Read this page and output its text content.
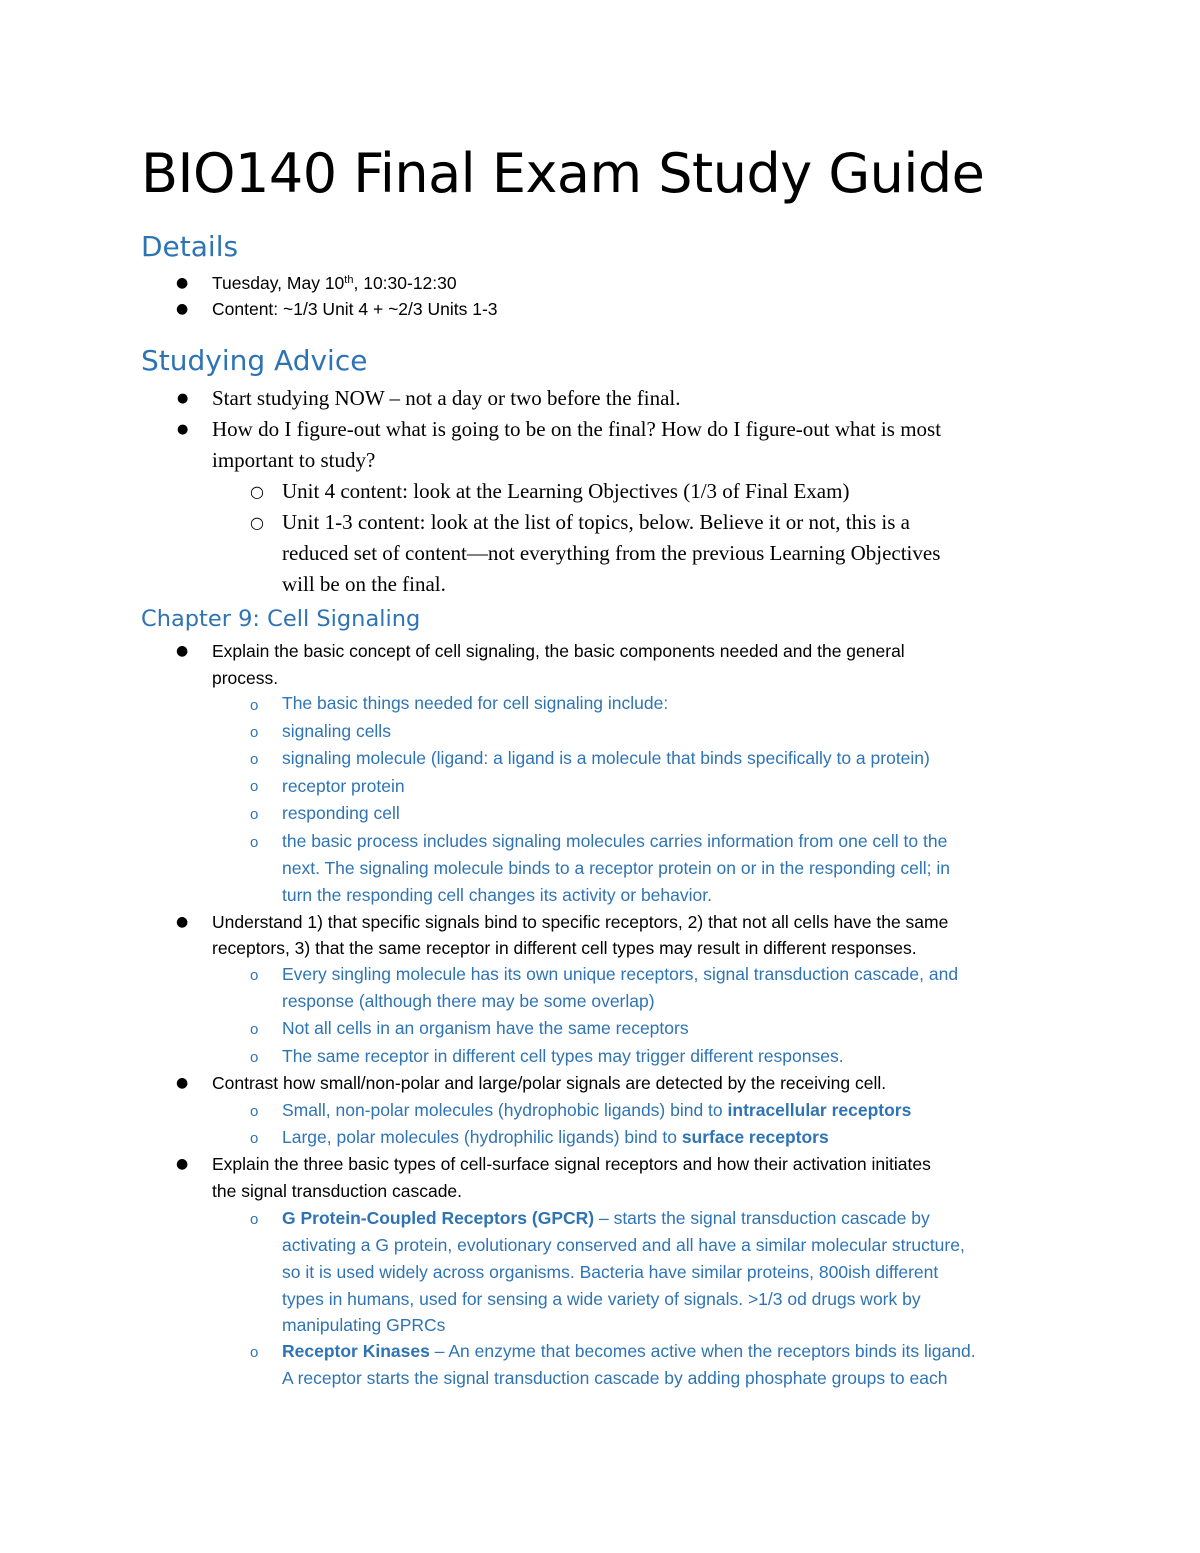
BIO140 Final Exam Study Guide
Details
● Tuesday, May 10th, 10:30-12:30
● Content: ~1/3 Unit 4 + ~2/3 Units 1-3
Studying Advice
● Start studying NOW – not a day or two before the final.
● How do I figure-out what is going to be on the final? How do I figure-out what is most
important to study?
○ Unit 4 content: look at the Learning Objectives (1/3 of Final Exam)
○ Unit 1-3 content: look at the list of topics, below. Believe it or not, this is a
reduced set of content—not everything from the previous Learning Objectives
will be on the final.
Chapter 9: Cell Signaling
● Explain the basic concept of cell signaling, the basic components needed and the general
process.
o The basic things needed for cell signaling include:
o signaling cells
o signaling molecule (ligand: a ligand is a molecule that binds specifically to a protein)
o receptor protein
o responding cell
o the basic process includes signaling molecules carries information from one cell to the
next. The signaling molecule binds to a receptor protein on or in the responding cell; in
turn the responding cell changes its activity or behavior.
● Understand 1) that specific signals bind to specific receptors, 2) that not all cells have the same
receptors, 3) that the same receptor in different cell types may result in different responses.
o Every singling molecule has its own unique receptors, signal transduction cascade, and
response (although there may be some overlap)
o Not all cells in an organism have the same receptors
o The same receptor in different cell types may trigger different responses.
● Contrast how small/non-polar and large/polar signals are detected by the receiving cell.
o Small, non-polar molecules (hydrophobic ligands) bind to intracellular receptors
o Large, polar molecules (hydrophilic ligands) bind to surface receptors
● Explain the three basic types of cell-surface signal receptors and how their activation initiates
the signal transduction cascade.
o G Protein-Coupled Receptors (GPCR) – starts the signal transduction cascade by
activating a G protein, evolutionary conserved and all have a similar molecular structure,
so it is used widely across organisms. Bacteria have similar proteins, 800ish different
types in humans, used for sensing a wide variety of signals. >1/3 od drugs work by
manipulating GPRCs
o Receptor Kinases – An enzyme that becomes active when the receptors binds its ligand.
A receptor starts the signal transduction cascade by adding phosphate groups to each
